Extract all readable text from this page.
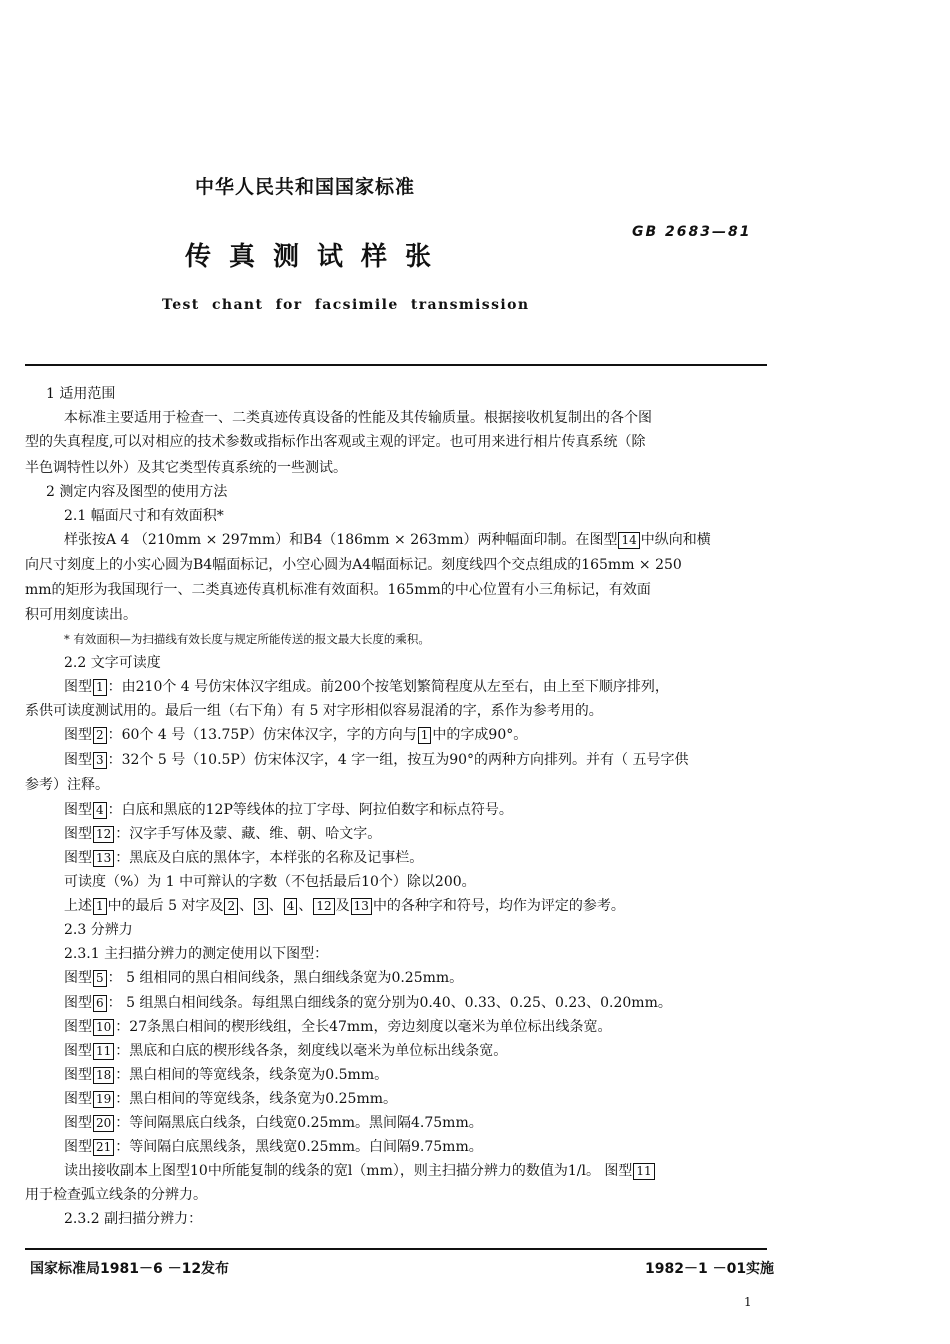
中华人民共和国国家标准
GB 2683—81
传真测试样张
Test chant for facsimile transmission
1 适用范围
本标准主要适用于检查一、二类真迹传真设备的性能及其传输质量。根据接收机复制出的各个图
型的失真程度,可以对相应的技术参数或指标作出客观或主观的评定。也可用来进行相片传真系统（除
半色调特性以外）及其它类型传真系统的一些测试。
2 测定内容及图型的使用方法
2.1 幅面尺寸和有效面积*
样张按A 4 （210mm × 297mm）和B4（186mm × 263mm）两种幅面印制。在图型 14 中纵向和横
向尺寸刻度上的小实心圆为B4幅面标记，小空心圆为A4幅面标记。刻度线四个交点组成的165mm × 250
mm的矩形为我国现行一、二类真迹传真机标准有效面积。165mm的中心位置有小三角标记，有效面
积可用刻度读出。
* 有效面积—为扫描线有效长度与规定所能传送的报文最大长度的乘积。
2.2 文字可读度
图型 1 ：由210个 4 号仿宋体汉字组成。前200个按笔划繁简程度从左至右，由上至下顺序排列，
系供可读度测试用的。最后一组（右下角）有 5 对字形相似容易混淆的字，系作为参考用的。
图型 2 ：60个 4 号（13.75P）仿宋体汉字，字的方向与 1 中的字成90°。
图型 3 ：32个 5 号（10.5P）仿宋体汉字，4 字一组，按互为90°的两种方向排列。并有（ 五号字供
参考）注释。
图型 4 ：白底和黑底的12P等线体的拉丁字母、阿拉伯数字和标点符号。
图型 12 ：汉字手写体及蒙、藏、维、朝、哈文字。
图型 13 ：黑底及白底的黑体字，本样张的名称及记事栏。
可读度（%）为 1 中可辩认的字数（不包括最后10个）除以200。
上述 1 中的最后 5 对字及 2 、 3 、 4 、 12 及 13 中的各种字和符号，均作为评定的参考。
2.3 分辨力
2.3.1 主扫描分辨力的测定使用以下图型：
图型 5 ： 5 组相同的黑白相间线条，黑白细线条宽为0.25mm。
图型 6 ： 5 组黑白相间线条。每组黑白细线条的宽分别为0.40、0.33、0.25、0.23、0.20mm。
图型 10 ：27条黑白相间的楔形线组，全长47mm，旁边刻度以毫米为单位标出线条宽。
图型 11 ：黑底和白底的楔形线各条，刻度线以毫米为单位标出线条宽。
图型 18 ：黑白相间的等宽线条，线条宽为0.5mm。
图型 19 ：黑白相间的等宽线条，线条宽为0.25mm。
图型 20 ：等间隔黑底白线条，白线宽0.25mm。黑间隔4.75mm。
图型 21 ：等间隔白底黑线条，黑线宽0.25mm。白间隔9.75mm。
读出接收副本上图型10中所能复制的线条的宽l（mm），则主扫描分辨力的数值为1/l。 图型 11
用于检查弧立线条的分辨力。
2.3.2 副扫描分辨力：
国家标准局1981－6 －12发布	1982－1 －01实施
1
